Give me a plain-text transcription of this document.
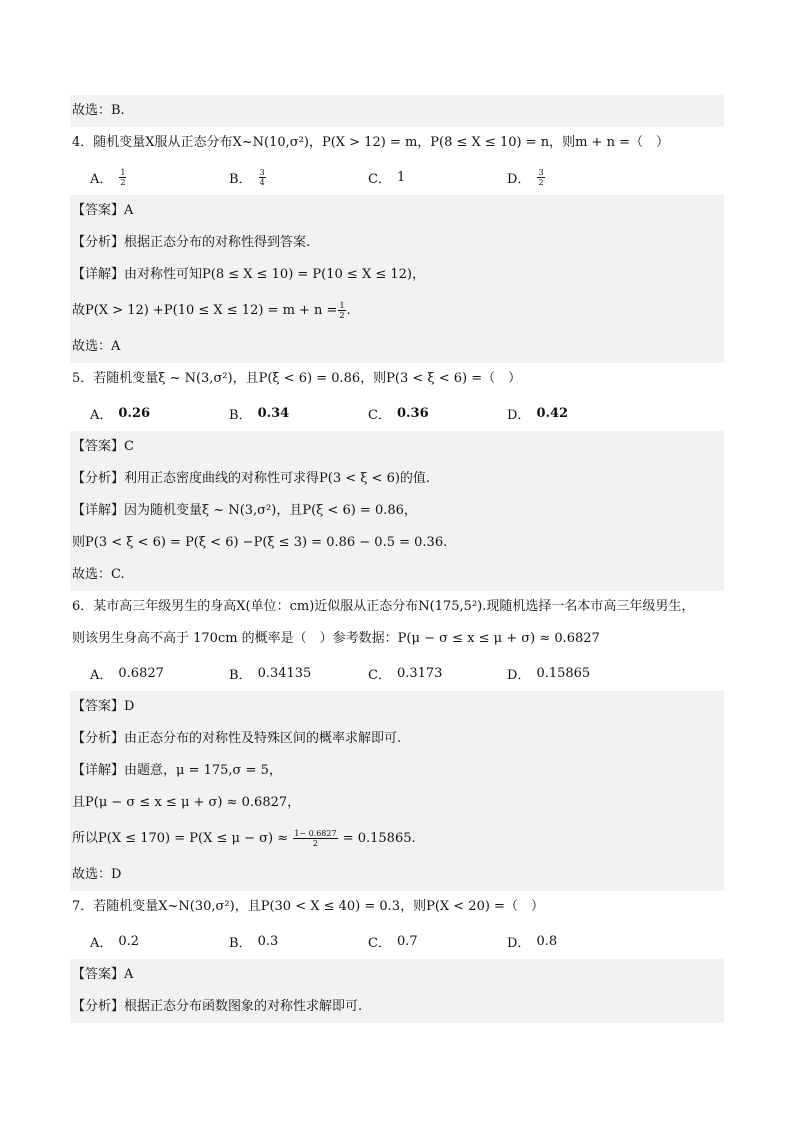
故选：B.
4．随机变量X服从正态分布X~N(10,σ²)，P(X > 12) = m，P(8 ≤ X ≤ 10) = n，则m + n =（　）
A． $\frac{1}{2}$	B． $\frac{3}{4}$	C． 1	D． $\frac{3}{2}$
【答案】A
【分析】根据正态分布的对称性得到答案.
【详解】由对称性可知P(8 ≤ X ≤ 10) = P(10 ≤ X ≤ 12)，
故$P(X > 12) +P(10 \le X \le 12) = m + n = \frac{1}{2}$ .
故选：A
5．若随机变量ξ ~ N(3,σ²)，且P(ξ < 6) = 0.86，则P(3 < ξ < 6) =（　）
A． 0.26	B． 0.34	C． 0.36	D． 0.42
【答案】C
【分析】利用正态密度曲线的对称性可求得P(3 < ξ < 6)的值.
【详解】因为随机变量ξ ~ N(3,σ²)，且P(ξ < 6) = 0.86，
则P(3 < ξ < 6) = P(ξ < 6) −P(ξ ≤ 3) = 0.86 − 0.5 = 0.36.
故选：C.
6．某市高三年级男生的身高X(单位：cm)近似服从正态分布N(175,5²).现随机选择一名本市高三年级男生，
则该男生身高不高于 170cm 的概率是（　）参考数据：P(μ − σ ≤ x ≤ μ + σ) ≈ 0.6827
A． 0.6827	B． 0.34135	C． 0.3173	D． 0.15865
【答案】D
【分析】由正态分布的对称性及特殊区间的概率求解即可.
【详解】由题意，μ = 175,σ = 5，
且P(μ − σ ≤ x ≤ μ + σ) ≈ 0.6827，
所以$P(X \le 170) = P(X \le \mu - \sigma) \approx \frac{1- 0.6827}{2} = 0.15865$.
故选：D
7．若随机变量X~N(30,σ²)，且P(30 < X ≤ 40) = 0.3，则P(X < 20) =（　）
A． 0.2	B． 0.3	C． 0.7	D． 0.8
【答案】A
【分析】根据正态分布函数图象的对称性求解即可.
